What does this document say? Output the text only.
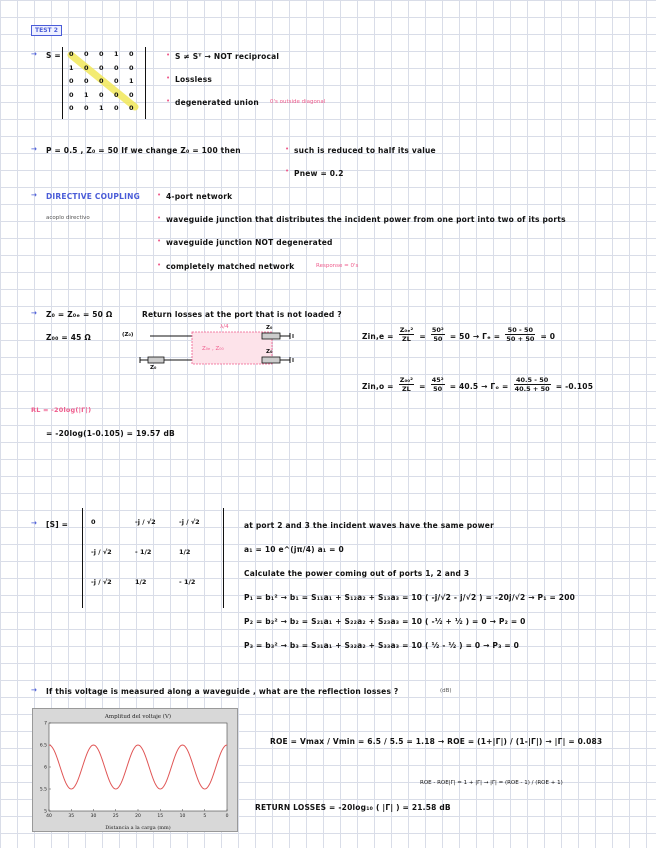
TEST 2
→ S = 0 0 0 1 0
1 0 0 0 0
0 0 0 0 1
0 1 0 0 0
0 0 1 0 0
• S ≠ Sᵀ → NOT reciprocal
• Lossless
• degenerated union 0's outside diagonal
→ P = 0.5 , Z₀ = 50 If we change Z₀ = 100 then	• such is reduced to half its value
• Pnew = 0.2
→ DIRECTIVE COUPLING • 4-port network
acoplo directivo	• waveguide junction that distributes the incident power from one port into two of its ports
• waveguide junction NOT degenerated
• completely matched network	Response = 0's
→ Z₀ = Z₀ₑ = 50 Ω	Return losses at the port that is not loaded ?
Z₀₀ = 45 Ω	(Z₀)
Z₀
Z₀
λ/4
Z₀ₑ , Z₀₀
Z₀
$Zin,e = \frac{\text{Z₀ₑ²}}{ZL} = \frac{\text{50²}}{50} = 50 \to \Gamma_e = \frac{50 - 50}{50 + 50} = 0$
$Zin,o = \frac{\text{Z₀₀²}}{ZL} = \frac{\text{45²}}{50} = 40.5 \to \Gamma_o = \frac{40.5 - 50}{40.5 + 50} = -0.105$
RL = -20log(|Γ|)
= -20log(1-0.105) = 19.57 dB
→ [S] =	0	-j / √2	-j / √2
-j / √2	- 1/2	1/2
-j / √2	1/2	- 1/2
at port 2 and 3 the incident waves have the same power
a₁ = 10 e^(jπ/4) a₁ = 0
Calculate the power coming out of ports 1, 2 and 3
P₁ = b₁² → b₁ = S₁₁a₁ + S₁₂a₂ + S₁₃a₃ = 10 ( -j/√2 - j/√2 ) = -20j/√2 → P₁ = 200
P₂ = b₂² → b₂ = S₂₁a₁ + S₂₂a₂ + S₂₃a₃ = 10 ( -½ + ½ ) = 0 → P₂ = 0
P₃ = b₃² → b₃ = S₃₁a₁ + S₃₂a₂ + S₃₃a₃ = 10 ( ½ - ½ ) = 0 → P₃ = 0
→ If this voltage is measured along a waveguide , what are the reflection losses ?	(dB)
Amplitud del voltaje (V)
Distancia a la carga (mm)
7
6.5
6
5.5
5
40	35	30	25	20	15	10	5	0
ROE = Vmax / Vmin = 6.5 / 5.5 = 1.18 → ROE = (1+|Γ|) / (1-|Γ|) → |Γ| = 0.083
ROE - ROE|Γ| = 1 + |Γ| → |Γ| = (ROE - 1) / (ROE + 1)
RETURN LOSSES = -20log₁₀ ( |Γ| ) = 21.58 dB
